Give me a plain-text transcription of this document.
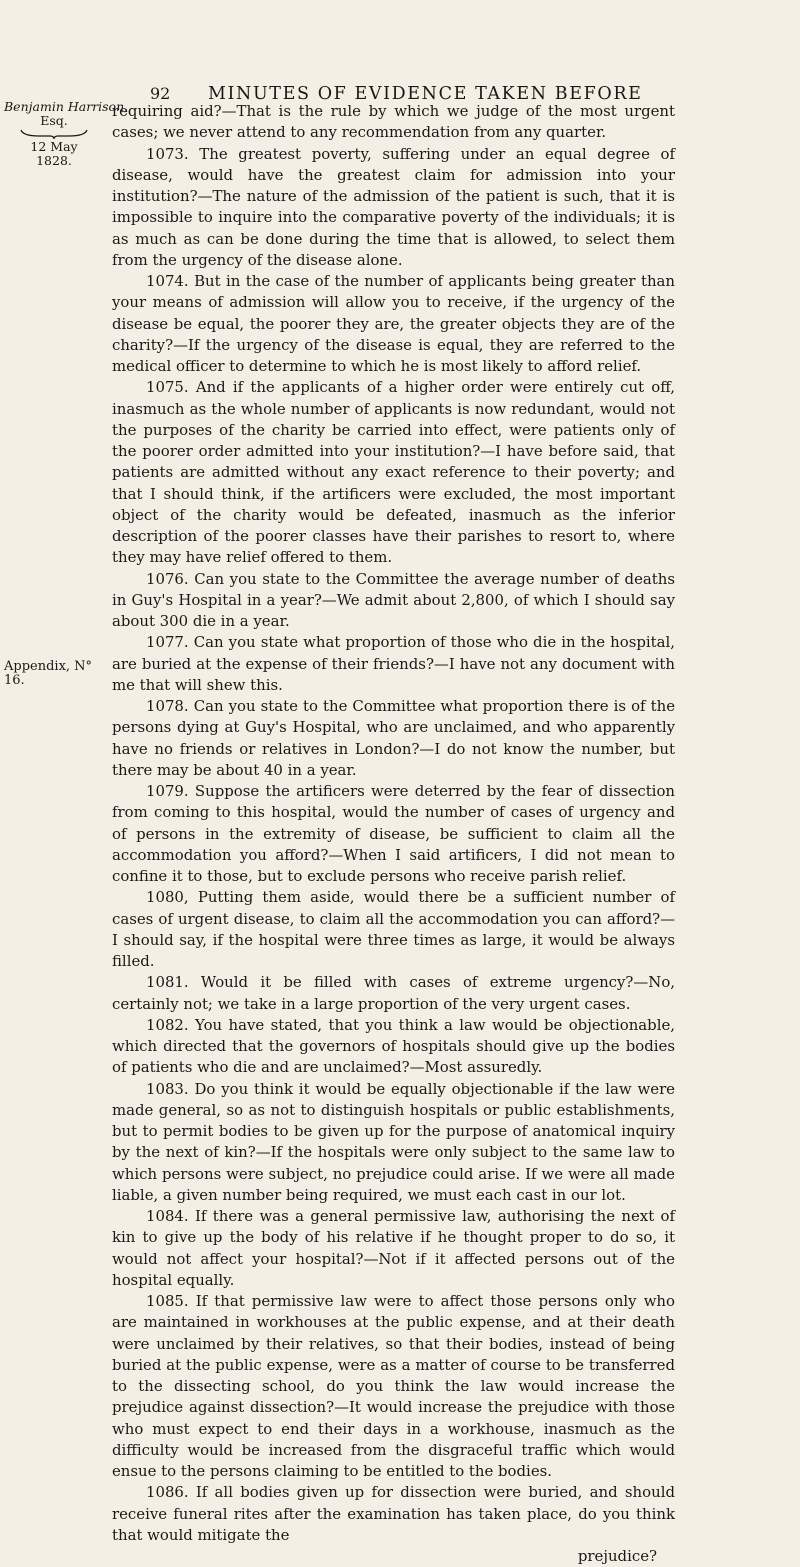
92 MINUTES OF EVIDENCE TAKEN BEFORE
Benjamin Harrison,
Esq.
12 May
1828.
Appendix, N° 16.

requiring aid?—That is the rule by which we judge of the most urgent cases; we never attend to any recommendation from any quarter.

1073. The greatest poverty, suffering under an equal degree of disease, would have the greatest claim for admission into your institution?—The nature of the admission of the patient is such, that it is impossible to inquire into the comparative poverty of the individuals; it is as much as can be done during the time that is allowed, to select them from the urgency of the disease alone.

1074. But in the case of the number of applicants being greater than your means of admission will allow you to receive, if the urgency of the disease be equal, the poorer they are, the greater objects they are of the charity?—If the urgency of the disease is equal, they are referred to the medical officer to determine to which he is most likely to afford relief.

1075. And if the applicants of a higher order were entirely cut off, inasmuch as the whole number of applicants is now redundant, would not the purposes of the charity be carried into effect, were patients only of the poorer order admitted into your institution?—I have before said, that patients are admitted without any exact reference to their poverty; and that I should think, if the artificers were excluded, the most important object of the charity would be defeated, inasmuch as the inferior description of the poorer classes have their parishes to resort to, where they may have relief offered to them.

1076. Can you state to the Committee the average number of deaths in Guy's Hospital in a year?—We admit about 2,800, of which I should say about 300 die in a year.

1077. Can you state what proportion of those who die in the hospital, are buried at the expense of their friends?—I have not any document with me that will shew this.

1078. Can you state to the Committee what proportion there is of the persons dying at Guy's Hospital, who are unclaimed, and who apparently have no friends or relatives in London?—I do not know the number, but there may be about 40 in a year.

1079. Suppose the artificers were deterred by the fear of dissection from coming to this hospital, would the number of cases of urgency and of persons in the extremity of disease, be sufficient to claim all the accommodation you afford?—When I said artificers, I did not mean to confine it to those, but to exclude persons who receive parish relief.

1080, Putting them aside, would there be a sufficient number of cases of urgent disease, to claim all the accommodation you can afford?—I should say, if the hospital were three times as large, it would be always filled.

1081. Would it be filled with cases of extreme urgency?—No, certainly not; we take in a large proportion of the very urgent cases.

1082. You have stated, that you think a law would be objectionable, which directed that the governors of hospitals should give up the bodies of patients who die and are unclaimed?—Most assuredly.

1083. Do you think it would be equally objectionable if the law were made general, so as not to distinguish hospitals or public establishments, but to permit bodies to be given up for the purpose of anatomical inquiry by the next of kin?—If the hospitals were only subject to the same law to which persons were subject, no prejudice could arise. If we were all made liable, a given number being required, we must each cast in our lot.

1084. If there was a general permissive law, authorising the next of kin to give up the body of his relative if he thought proper to do so, it would not affect your hospital?—Not if it affected persons out of the hospital equally.

1085. If that permissive law were to affect those persons only who are maintained in workhouses at the public expense, and at their death were unclaimed by their relatives, so that their bodies, instead of being buried at the public expense, were as a matter of course to be transferred to the dissecting school, do you think the law would increase the prejudice against dissection?—It would increase the prejudice with those who must expect to end their days in a workhouse, inasmuch as the difficulty would be increased from the disgraceful traffic which would ensue to the persons claiming to be entitled to the bodies.

1086. If all bodies given up for dissection were buried, and should receive funeral rites after the examination has taken place, do you think that would mitigate the

prejudice?
